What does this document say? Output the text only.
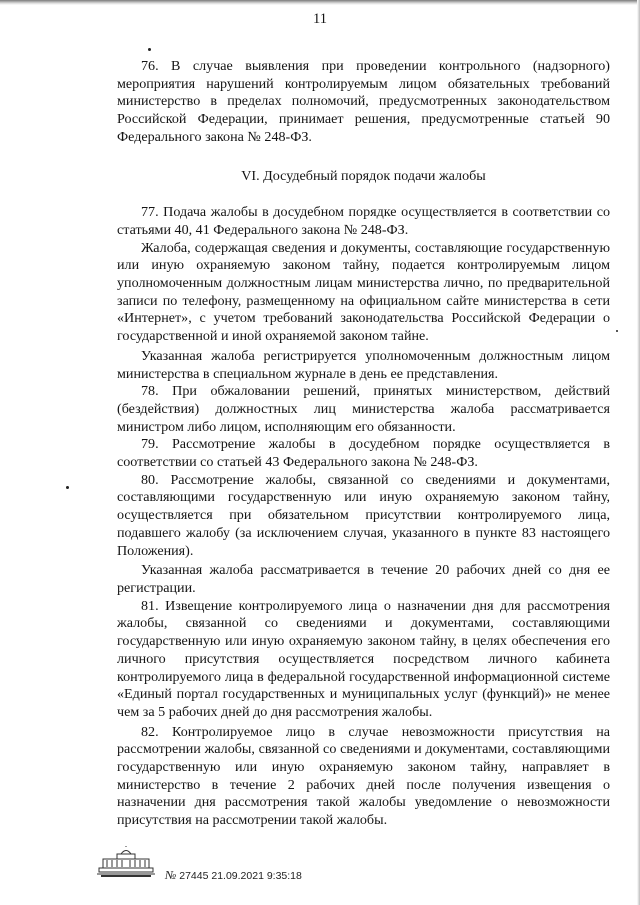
11

76. В случае выявления при проведении контрольного (надзорного) мероприятия нарушений контролируемым лицом обязательных требований министерство в пределах полномочий, предусмотренных законодательством Российской Федерации, принимает решения, предусмотренные статьей 90 Федерального закона № 248-ФЗ.

VI. Досудебный порядок подачи жалобы

77. Подача жалобы в досудебном порядке осуществляется в соответствии со статьями 40, 41 Федерального закона № 248-ФЗ.

Жалоба, содержащая сведения и документы, составляющие государственную или иную охраняемую законом тайну, подается контролируемым лицом уполномоченным должностным лицам министерства лично, по предварительной записи по телефону, размещенному на официальном сайте министерства в сети «Интернет», с учетом требований законодательства Российской Федерации о государственной и иной охраняемой законом тайне.

Указанная жалоба регистрируется уполномоченным должностным лицом министерства в специальном журнале в день ее представления.

78. При обжаловании решений, принятых министерством, действий (бездействия) должностных лиц министерства жалоба рассматривается министром либо лицом, исполняющим его обязанности.

79. Рассмотрение жалобы в досудебном порядке осуществляется в соответствии со статьей 43 Федерального закона № 248-ФЗ.

80. Рассмотрение жалобы, связанной со сведениями и документами, составляющими государственную или иную охраняемую законом тайну, осуществляется при обязательном присутствии контролируемого лица, подавшего жалобу (за исключением случая, указанного в пункте 83 настоящего Положения).

Указанная жалоба рассматривается в течение 20 рабочих дней со дня ее регистрации.

81. Извещение контролируемого лица о назначении дня для рассмотрения жалобы, связанной со сведениями и документами, составляющими государственную или иную охраняемую законом тайну, в целях обеспечения его личного присутствия осуществляется посредством личного кабинета контролируемого лица в федеральной государственной информационной системе «Единый портал государственных и муниципальных услуг (функций)» не менее чем за 5 рабочих дней до дня рассмотрения жалобы.

82. Контролируемое лицо в случае невозможности присутствия на рассмотрении жалобы, связанной со сведениями и документами, составляющими государственную или иную охраняемую законом тайну, направляет в министерство в течение 2 рабочих дней после получения извещения о назначении дня рассмотрения такой жалобы уведомление о невозможности присутствия на рассмотрении такой жалобы.

№ 27445 21.09.2021 9:35:18
